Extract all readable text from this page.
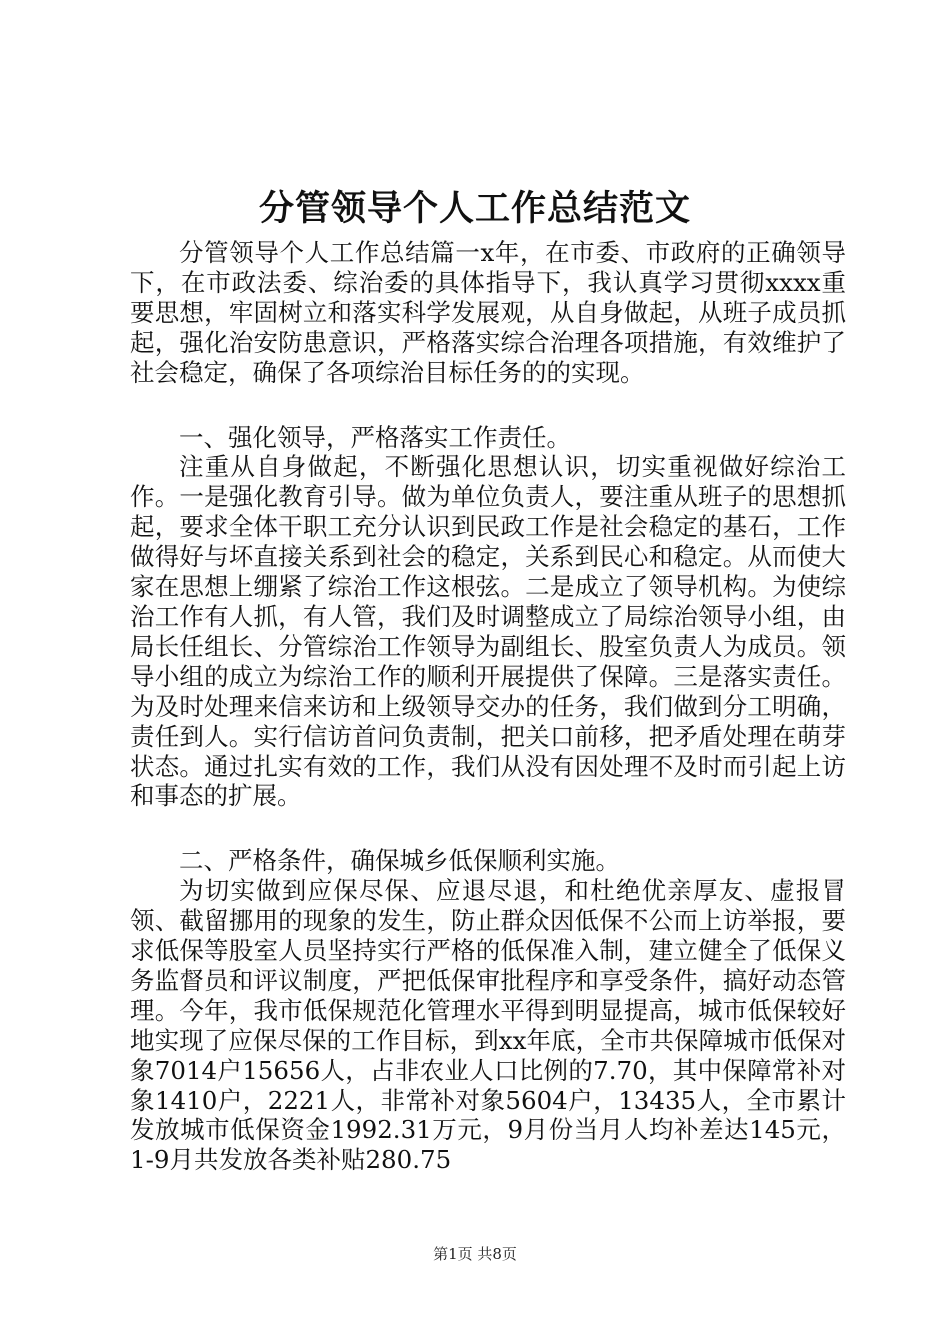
分管领导个人工作总结范文

分管领导个人工作总结篇一x年，在市委、市政府的正确领导下，在市政法委、综治委的具体指导下，我认真学习贯彻xxxx重要思想，牢固树立和落实科学发展观，从自身做起，从班子成员抓起，强化治安防患意识，严格落实综合治理各项措施，有效维护了社会稳定，确保了各项综治目标任务的的实现。

一、强化领导，严格落实工作责任。

注重从自身做起，不断强化思想认识，切实重视做好综治工作。一是强化教育引导。做为单位负责人，要注重从班子的思想抓起，要求全体干职工充分认识到民政工作是社会稳定的基石，工作做得好与坏直接关系到社会的稳定，关系到民心和稳定。从而使大家在思想上绷紧了综治工作这根弦。二是成立了领导机构。为使综治工作有人抓，有人管，我们及时调整成立了局综治领导小组，由局长任组长、分管综治工作领导为副组长、股室负责人为成员。领导小组的成立为综治工作的顺利开展提供了保障。三是落实责任。为及时处理来信来访和上级领导交办的任务，我们做到分工明确，责任到人。实行信访首问负责制，把关口前移，把矛盾处理在萌芽状态。通过扎实有效的工作，我们从没有因处理不及时而引起上访和事态的扩展。

二、严格条件，确保城乡低保顺利实施。

为切实做到应保尽保、应退尽退，和杜绝优亲厚友、虚报冒领、截留挪用的现象的发生，防止群众因低保不公而上访举报，要求低保等股室人员坚持实行严格的低保准入制，建立健全了低保义务监督员和评议制度，严把低保审批程序和享受条件，搞好动态管理。今年，我市低保规范化管理水平得到明显提高，城市低保较好地实现了应保尽保的工作目标，到xx年底，全市共保障城市低保对象7014户15656人，占非农业人口比例的7.70，其中保障常补对象1410户，2221人，非常补对象5604户，13435人，全市累计发放城市低保资金1992.31万元，9月份当月人均补差达145元，1-9月共发放各类补贴280.75

第1页 共8页
